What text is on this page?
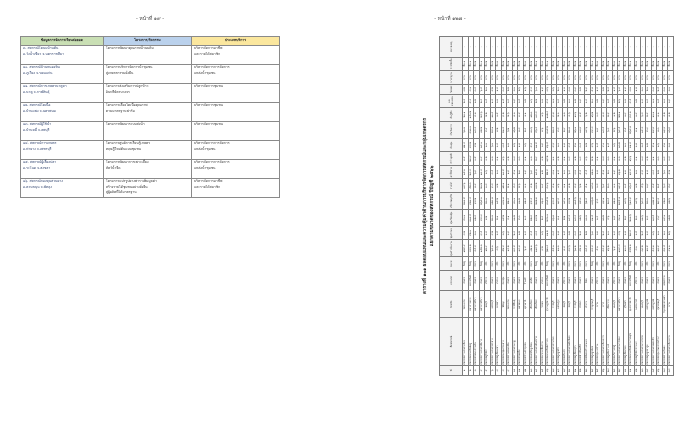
- หน้าที่ ๑๙ -
ข้อมูลการจัดการเรียนต่อยอด	โครงการ/กิจกรรม	ประเภทบริการ
๓. สหกรณ์โคนมบ้านต้น
อ.วังน้ำเขียว จ.นครราชสีมา	โครงการพัฒนาคุณภาพน้ำนมดิบ	บริหารจัดการอาชีพ
และรายได้สมาชิก
๑๐. สหกรณ์บ้านหนองหิน
อ.ภูเวียง จ.ขอนแก่น	โครงการบริหารจัดการน้ำชุมชน
สู่เกษตรกรรมยั่งยืน	บริหารจัดการการจัดการ
แหล่งน้ำชุมชน
๑๑. สหกรณ์การเกษตรนาคูหา
อ.นาคู จ.กาฬสินธุ์	โครงการส่งเสริมการปลูกข้าว
อินทรีย์ครบวงจร	บริหารจัดการชุมชน
๑๒. สหกรณ์โคเนื้อ
อ.บ้านแพง จ.นครพนม	โครงการเลี้ยงโคเนื้อคุณภาพ
ตามมาตรฐานฟาร์ม	บริหารจัดการชุมชน
๑๓. สหกรณ์ผู้ใช้น้ำ
อ.บ้านหมี่ จ.ลพบุรี	โครงการพัฒนาระบบส่งน้ำ	บริหารจัดการชุมชน
๑๔. สหกรณ์การเกษตร
อ.ท่ายาง จ.เพชรบุรี	โครงการศูนย์การเรียนรู้เกษตร
ทฤษฎีใหม่ต้นแบบชุมชน	บริหารจัดการการจัดการ
แหล่งน้ำชุมชน
๑๕. สหกรณ์ผู้เลี้ยงปลา
อ.ระโนด จ.สงขลา	โครงการพัฒนาการเพาะเลี้ยง
สัตว์น้ำจืด	บริหารจัดการการจัดการ
แหล่งน้ำชุมชน
๑๖. สหกรณ์กองทุนสวนยาง
อ.ควนขนุน จ.พัทลุง	โครงการแปรรูปยางพาราเพิ่มมูลค่า
สร้างรายได้ชุมชนอย่างยั่งยืน
สู่ผู้ผลิตที่ได้มาตรฐาน	บริหารจัดการอาชีพ
และรายได้สมาชิก
- หน้าที่ ๑๒๗ -
ตารางที่ ๑๐๑ ผลตอบแทนและความคุ้มค่าด้านการบริหารจัดการสหกรณ์และกลุ่มเกษตรกร แยกตามขนาดของสหกรณ์ ปีบัญชี ๒๕๖๖
ที่	ชื่อสหกรณ์	จังหวัด	ประเภท	ขนาด	ทุนดำเนินงาน	ทุนสำรอง	ทุนเรือนหุ้น	ปริมาณธุรกิจ	รายได้	ค่าใช้จ่าย	กำไรสุทธิ	ต้นทุน	เงินรับฝาก	เงินกู้ยืม	ผลตอบแทน	ร้อยละ	มาตรฐาน	การจัดชั้น	หมายเหตุ
๑	สหกรณ์การเกษตรเมือง	ขอนแก่น	เกษตร	ใหญ่	๑๒๕.๔	๘.๒	๔๐.๑	๒๓๐.๕	๑๘.๖	๑๕.๑	๓.๕	๑๒.๔	๖๐.๓	๒๐.๑	๒.๘	๗.๒	ผ่าน	ชั้น ๑	-
๒	สหกรณ์ออมทรัพย์ครู	มหาสารคาม	ออมทรัพย์	ใหญ่	๘๔๐.๒	๔๒.๑	๓๑๐.๕	๙๒๐.๔	๕๒.๓	๒๘.๔	๒๓.๙	๔๘.๒	๔๑๐.๑	๑๕๐.๒	๕.๔	๘.๑	ผ่าน	ชั้น ๑	-
๓	สหกรณ์โคนมบ้านต้น	นครราชสีมา	เกษตร	กลาง	๔๕.๘	๓.๑	๑๒.๔	๙๘.๒	๗.๔	๖.๙	๐.๕	๔.๒	๑๘.๔	๘.๓	๑.๒	๓.๔	ผ่าน	ชั้น ๒	-
๔	สหกรณ์การเกษตรพิมาย	นครราชสีมา	เกษตร	ใหญ่	๑๕๒.๓	๙.๕	๔๘.๗	๒๖๕.๑	๒๑.๒	๑๗.๘	๓.๔	๑๔.๑	๗๒.๒	๒๔.๖	๒.๔	๖.๕	ผ่าน	ชั้น ๑	-
๕	สหกรณ์ผู้ใช้น้ำ	ลพบุรี	บริการ	เล็ก	๑๒.๔	๐.๘	๓.๒	๒๐.๑	๑.๘	๑.๖	๐.๒	๑.๑	๕.๔	๒.๒	๐.๕	๒.๑	ผ่าน	ชั้น ๒	-
๖	สหกรณ์การเกษตรท่ายาง	เพชรบุรี	เกษตร	กลาง	๖๘.๑	๔.๒	๒๐.๓	๑๒๐.๗	๙.๘	๘.๕	๑.๓	๖.๑	๒๘.๑	๑๑.๔	๑.๔	๔.๒	ผ่าน	ชั้น ๒	-
๗	สหกรณ์ผู้เลี้ยงปลา	สงขลา	ประมง	เล็ก	๘.๖	๐.๕	๒.๑	๑๕.๒	๑.๒	๑.๑	๐.๑	๐.๘	๓.๒	๑.๕	๐.๓	๑.๘	ผ่าน	ชั้น ๓	-
๘	สหกรณ์กองทุนสวนยาง	พัทลุง	กองทุน	กลาง	๕๒.๔	๓.๖	๑๕.๒	๑๘๐.๓	๑๒.๑	๑๐.๕	๑.๖	๗.๕	๒๑.๘	๙.๒	๑.๕	๓.๘	ผ่าน	ชั้น ๒	-
๙	สหกรณ์บ้านหนองหิน	ขอนแก่น	เกษตร	เล็ก	๑๔.๒	๐.๙	๔.๑	๒๒.๔	๒.๑	๑.๙	๐.๒	๑.๓	๖.๒	๒.๖	๐.๔	๒.๒	ผ่าน	ชั้น ๒	-
๑๐	สหกรณ์การเกษตรนาคู	กาฬสินธุ์	เกษตร	กลาง	๓๘.๕	๒.๔	๑๑.๒	๗๐.๑	๕.๘	๕.๑	๐.๗	๓.๖	๑๖.๒	๗.๑	๐.๙	๓.๑	ผ่าน	ชั้น ๒	-
๑๑	สหกรณ์โคเนื้อ	นครพนม	เกษตร	เล็ก	๑๘.๗	๑.๒	๕.๓	๓๑.๒	๒.๖	๒.๓	๐.๓	๑.๗	๗.๘	๓.๔	๐.๕	๒.๖	ผ่าน	ชั้น ๒	-
๑๒	สหกรณ์ร้านค้าชุมชน	อุดรธานี	ร้านค้า	เล็ก	๖.๔	๐.๔	๑.๘	๑๒.๕	๑.๐	๐.๙	๐.๑	๐.๖	๒.๔	๑.๑	๐.๒	๑.๖	ผ่าน	ชั้น ๓	-
๑๓	สหกรณ์เครดิตยูเนี่ยน	เชียงใหม่	เครดิต	กลาง	๗๒.๓	๔.๕	๒๒.๘	๙๕.๔	๘.๒	๖.๙	๑.๓	๕.๔	๓๐.๖	๑๒.๓	๑.๖	๔.๔	ผ่าน	ชั้น ๒	-
๑๔	สหกรณ์การเกษตรสันทราย	เชียงใหม่	เกษตร	ใหญ่	๑๑๘.๖	๗.๘	๓๘.๒	๒๑๒.๓	๑๗.๒	๑๔.๓	๒.๙	๑๑.๕	๕๖.๔	๑๘.๘	๒.๒	๖.๑	ผ่าน	ชั้น ๑	-
๑๕	สหกรณ์ประมงพื้นบ้าน	ระยอง	ประมง	เล็ก	๙.๒	๐.๖	๒.๔	๑๖.๘	๑.๔	๑.๒	๐.๒	๐.๙	๓.๖	๑.๖	๐.๓	๑.๙	ผ่าน	ชั้น ๓	-
๑๖	สหกรณ์ออมทรัพย์ตำรวจ	สุราษฎร์ธานี	ออมทรัพย์	ใหญ่	๖๒๐.๔	๓๑.๒	๒๔๐.๑	๗๐๕.๒	๔๑.๖	๒๒.๔	๑๙.๒	๓๖.๕	๓๐๕.๒	๑๑๒.๔	๔.๘	๗.๖	ผ่าน	ชั้น ๑	-
๑๗	สหกรณ์การเกษตรบ้านโป่ง	ราชบุรี	เกษตร	กลาง	๕๕.๑	๓.๔	๑๖.๗	๙๘.๕	๘.๑	๗.๑	๑.๐	๔.๙	๒๓.๘	๙.๗	๑.๑	๓.๖	ผ่าน	ชั้น ๒	-
๑๘	สหกรณ์ผู้ปลูกผัก	นครปฐม	เกษตร	เล็ก	๑๑.๓	๐.๗	๓.๐	๑๙.๔	๑.๖	๑.๔	๐.๒	๑.๐	๔.๘	๒.๐	๐.๔	๒.๐	ผ่าน	ชั้น ๒	-
๑๙	สหกรณ์เดินรถ	ชลบุรี	บริการ	เล็ก	๗.๘	๐.๕	๒.๒	๑๔.๑	๑.๑	๑.๐	๐.๑	๐.๗	๒.๙	๑.๓	๐.๒	๑.๗	ผ่าน	ชั้น ๓	-
๒๐	สหกรณ์การเกษตรพนัสนิคม	ชลบุรี	เกษตร	กลาง	๔๙.๖	๓.๒	๑๔.๘	๘๘.๒	๗.๒	๖.๔	๐.๘	๔.๕	๒๐.๗	๘.๖	๑.๐	๓.๓	ผ่าน	ชั้น ๒	-
๒๑	สหกรณ์ผู้เลี้ยงสุกร	ราชบุรี	เกษตร	กลาง	๖๑.๒	๓.๘	๑๘.๔	๑๐๕.๖	๘.๙	๗.๗	๑.๒	๕.๓	๒๖.๑	๑๐.๖	๑.๒	๓.๙	ผ่าน	ชั้น ๒	-
๒๒	สหกรณ์ข้าวอินทรีย์	ยโสธร	เกษตร	กลาง	๔๒.๗	๒.๗	๑๒.๖	๗๕.๓	๖.๒	๕.๔	๐.๘	๓.๘	๑๗.๙	๗.๕	๐.๙	๓.๒	ผ่าน	ชั้น ๒	-
๒๓	สหกรณ์นิคมสร้างตนเอง	ลำปาง	นิคม	กลาง	๓๕.๔	๒.๒	๑๐.๓	๖๒.๔	๕.๑	๔.๕	๐.๖	๓.๒	๑๔.๖	๖.๒	๐.๘	๒.๙	ผ่าน	ชั้น ๒	-
๒๔	สหกรณ์ผู้ปลูกอ้อย	กาญจนบุรี	เกษตร	ใหญ่	๙๘.๔	๖.๓	๓๑.๕	๑๗๖.๒	๑๔.๓	๑๒.๑	๒.๒	๙.๖	๔๔.๘	๑๖.๒	๒.๐	๕.๗	ผ่าน	ชั้น ๑	-
๒๕	สหกรณ์กลุ่มแม่บ้าน	น่าน	บริการ	เล็ก	๕.๑	๐.๓	๑.๔	๙.๘	๐.๘	๐.๗	๐.๑	๐.๕	๑.๙	๐.๘	๐.๒	๑.๔	ผ่าน	ชั้น ๓	-
๒๖	สหกรณ์การเกษตรเมืองตาก	ตาก	เกษตร	กลาง	๔๔.๙	๒.๘	๑๓.๒	๗๙.๑	๖.๔	๕.๗	๐.๗	๔.๐	๑๘.๕	๗.๘	๐.๙	๓.๒	ผ่าน	ชั้น ๒	-
๒๗	สหกรณ์ผู้ผลิตกาแฟ	เชียงราย	เกษตร	เล็ก	๑๖.๒	๑.๐	๔.๖	๒๗.๕	๒.๓	๒.๐	๐.๓	๑.๕	๖.๘	๒.๙	๐.๕	๒.๔	ผ่าน	ชั้น ๒	-
๒๘	สหกรณ์บริการรถตู้	นนทบุรี	บริการ	เล็ก	๖.๙	๐.๔	๑.๙	๑๒.๗	๑.๐	๐.๙	๐.๑	๐.๖	๒.๖	๑.๒	๐.๒	๑.๕	ผ่าน	ชั้น ๓	-
๒๙	สหกรณ์การเกษตรปากช่อง	นครราชสีมา	เกษตร	ใหญ่	๑๓๔.๘	๘.๖	๔๓.๑	๒๔๕.๗	๑๙.๕	๑๖.๒	๓.๓	๑๓.๒	๖๔.๕	๒๒.๑	๒.๖	๖.๘	ผ่าน	ชั้น ๑	-
๓๐	สหกรณ์ผู้เลี้ยงไหม	สุรินทร์	เกษตร	เล็ก	๑๐.๘	๐.๗	๒.๙	๑๘.๖	๑.๕	๑.๓	๐.๒	๑.๐	๔.๕	๑.๙	๐.๓	๑.๙	ผ่าน	ชั้น ๒	-
๓๑	สหกรณ์ออมทรัพย์สาธารณสุข	อุบลราชธานี	ออมทรัพย์	ใหญ่	๕๔๒.๓	๒๗.๔	๒๑๐.๖	๖๑๘.๙	๓๖.๔	๑๙.๘	๑๖.๖	๓๑.๘	๒๖๔.๗	๙๘.๓	๔.๕	๗.๓	ผ่าน	ชั้น ๑	-
๓๒	สหกรณ์ผู้ใช้น้ำบ้านนา	นครนายก	บริการ	เล็ก	๘.๑	๐.๕	๒.๓	๑๔.๖	๑.๒	๑.๑	๐.๑	๐.๗	๓.๑	๑.๔	๐.๒	๑.๗	ผ่าน	ชั้น ๓	-
๓๓	สหกรณ์การเกษตรบางกรวย	นนทบุรี	เกษตร	กลาง	๓๙.๒	๒.๕	๑๑.๖	๖๘.๔	๕.๖	๔.๙	๐.๗	๓.๕	๑๕.๘	๖.๘	๐.๘	๓.๐	ผ่าน	ชั้น ๒	-
๓๔	สหกรณ์ผู้ปลูกยาสูบ	เพชรบูรณ์	เกษตร	เล็ก	๑๓.๕	๐.๘	๓.๘	๒๓.๑	๑.๙	๑.๗	๐.๒	๑.๒	๕.๗	๒.๔	๐.๔	๒.๑	ผ่าน	ชั้น ๒	-
๓๕	สหกรณ์การเกษตรหล่มสัก	เพชรบูรณ์	เกษตร	กลาง	๕๘.๓	๓.๖	๑๗.๕	๑๐๒.๔	๘.๕	๗.๔	๑.๑	๕.๑	๒๔.๙	๑๐.๑	๑.๑	๓.๗	ผ่าน	ชั้น ๒	-
๓๖	สหกรณ์กลุ่มเกษตรกรทำนา	สุพรรณบุรี	เกษตร	เล็ก	๑๗.๔	๑.๑	๔.๙	๒๙.๘	๒.๕	๒.๒	๐.๓	๑.๖	๗.๓	๓.๑	๐.๕	๒.๕	ผ่าน	ชั้น ๒	-
๓๗	สหกรณ์บ้านมั่นคง	กรุงเทพมหานคร	เคหสถาน	กลาง	๔๗.๕	๓.๐	๑๔.๑	๘๒.๗	๖.๘	๖.๐	๐.๘	๔.๓	๑๙.๙	๘.๒	๑.๐	๓.๓	ผ่าน	ชั้น ๒	-
๓๘	สหกรณ์การเกษตรเมืองน่าน	น่าน	เกษตร	กลาง	๔๑.๑	๒.๖	๑๒.๒	๗๒.๖	๕.๙	๕.๒	๐.๗	๓.๗	๑๖.๙	๗.๒	๐.๙	๓.๑	ผ่าน	ชั้น ๒	-
